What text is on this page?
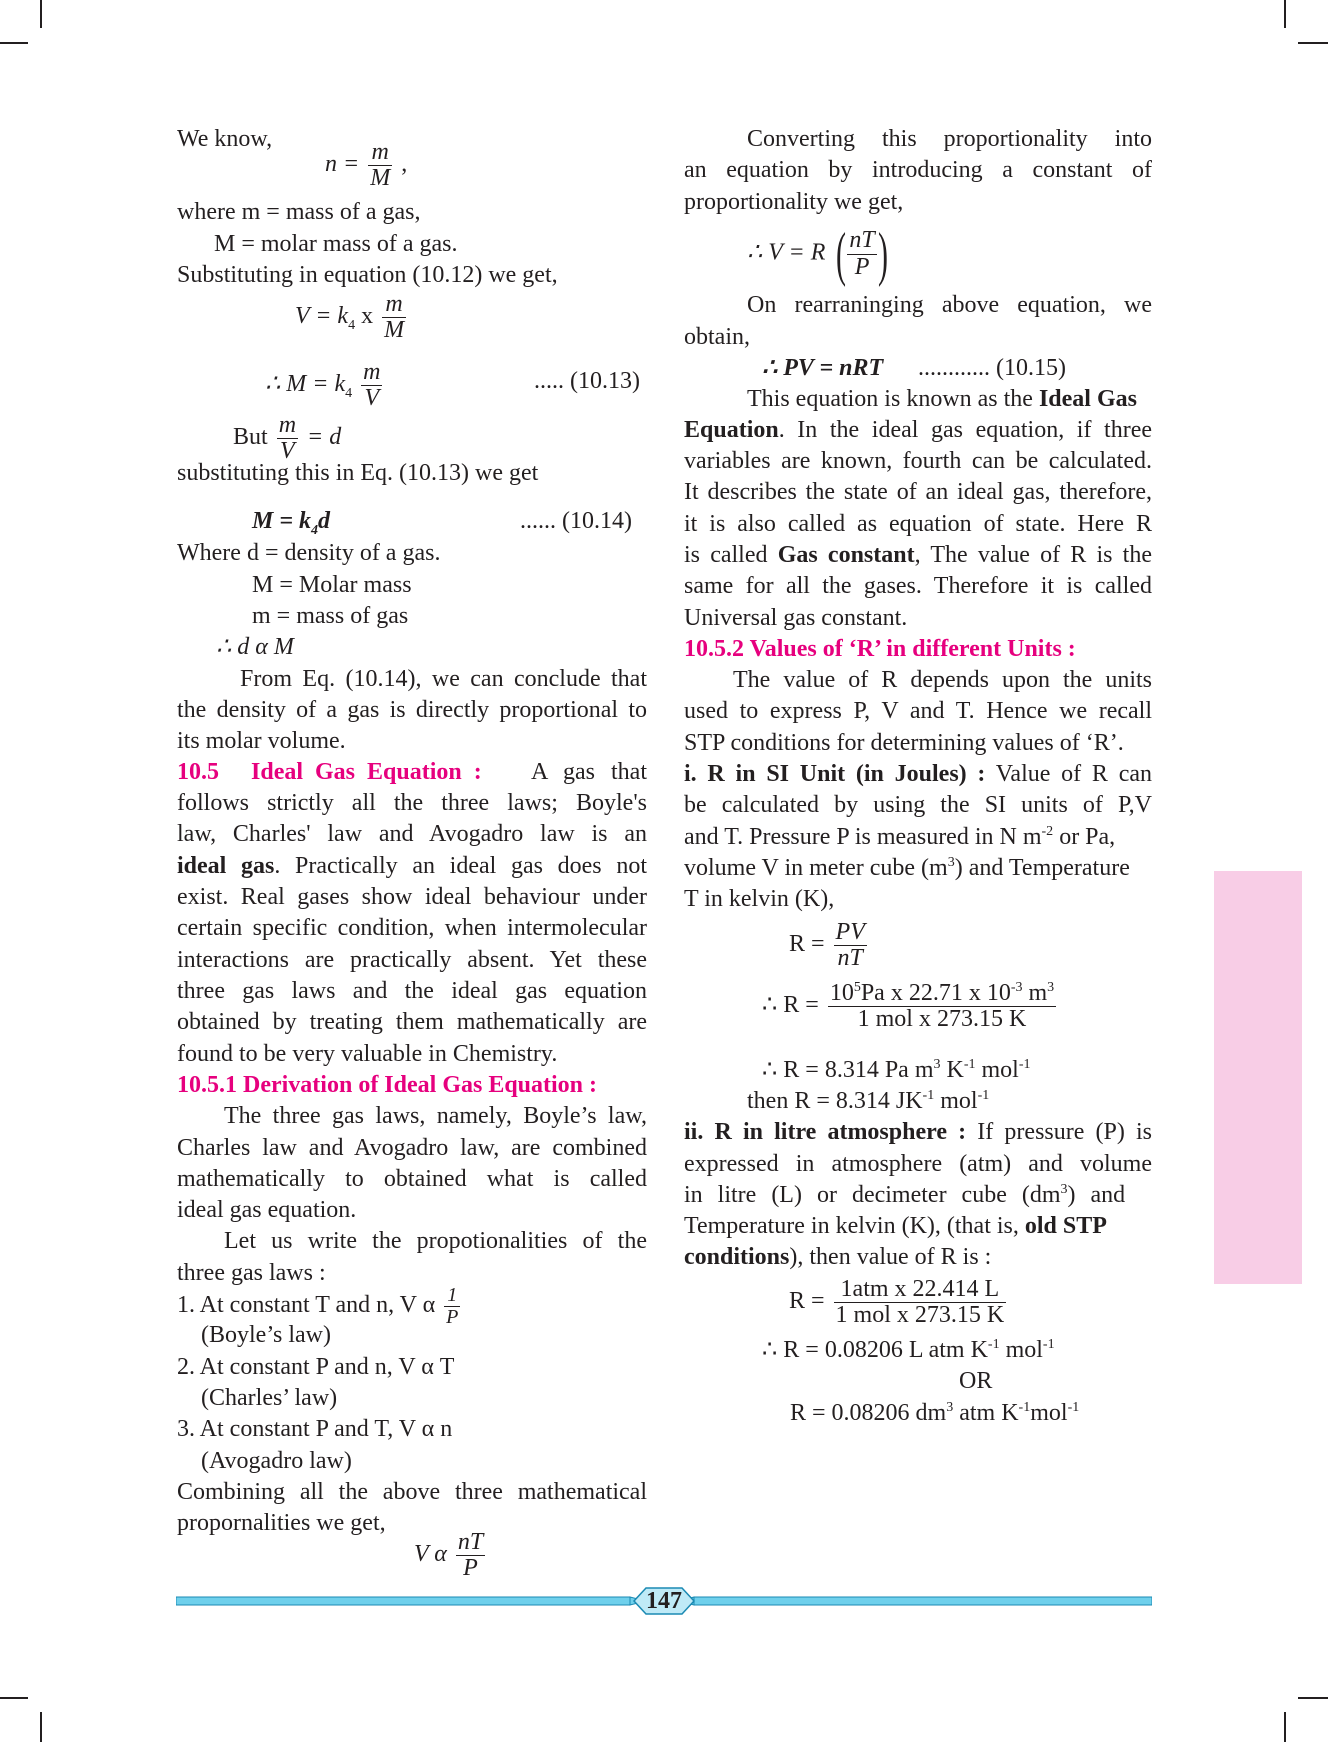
We know,
$n = \frac{m}{M}$ ,
where m = mass of a gas,
M = molar mass of a gas.
Substituting in equation (10.12) we get,
$V = k_4$ x $\frac{m}{M}$
∴ $M = k_4 \frac{m}{V}$	..... (10.13)
But $\frac{m}{V} = d$
substituting this in Eq. (10.13) we get
$M = k_4d$	...... (10.14)
Where d = density of a gas.
M = Molar mass
m = mass of gas
∴ d α M
From Eq. (10.14), we can conclude that
the density of a gas is directly proportional to
its molar volume.
10.5 Ideal Gas Equation : A gas that
follows strictly all the three laws; Boyle's
law, Charles' law and Avogadro law is an
ideal gas. Practically an ideal gas does not
exist. Real gases show ideal behaviour under
certain specific condition, when intermolecular
interactions are practically absent. Yet these
three gas laws and the ideal gas equation
obtained by treating them mathematically are
found to be very valuable in Chemistry.
10.5.1 Derivation of Ideal Gas Equation :
The three gas laws, namely, Boyle’s law,
Charles law and Avogadro law, are combined
mathematically to obtained what is called
ideal gas equation.
Let us write the propotionalities of the
three gas laws :
1. At constant T and n, V α $\frac{1}{P}$
(Boyle’s law)
2. At constant P and n, V α T
(Charles’ law)
3. At constant P and T, V α n
(Avogadro law)
Combining all the above three mathematical
propornalities we get,
V α $\frac{nT}{P}$
Converting this proportionality into
an equation by introducing a constant of
proportionality we get,
∴ V = R ( $\frac{nT}{P}$ )
On rearraninging above equation, we
obtain,
∴ PV = nRT ............ (10.15)
This equation is known as the Ideal Gas
Equation. In the ideal gas equation, if three
variables are known, fourth can be calculated.
It describes the state of an ideal gas, therefore,
it is also called as equation of state. Here R
is called Gas constant, The value of R is the
same for all the gases. Therefore it is called
Universal gas constant.
10.5.2 Values of ‘R’ in different Units :
The value of R depends upon the units
used to express P, V and T. Hence we recall
STP conditions for determining values of ‘R’.
i. R in SI Unit (in Joules) : Value of R can
be calculated by using the SI units of P,V
and T. Pressure P is measured in N $m^{-2}$ or Pa,
volume V in meter cube $(m^3)$ and Temperature
T in kelvin (K),
$R = \frac{PV}{nT}$
∴ $R = \frac{10^5Pa x 22.71 x 10^{-3} m^3}{\text{1 mol x 273.15 K}}$
∴ R = 8.314 Pa $m^3$ $K^{-1}$ mol$^{-1}$
then R = 8.314 $JK^{-1}$ mol$^{-1}$
ii. R in litre atmosphere : If pressure (P) is
expressed in atmosphere (atm) and volume
in litre (L) or decimeter cube $(dm^3)$ and
Temperature in kelvin (K), (that is, old STP
conditions), then value of R is :
$R = \frac{\text{1atm x 22.414 L}}{\text{1 mol x 273.15 K}}$
∴ R = 0.08206 L atm $K^{-1}$ mol$^{-1}$
OR
R = 0.08206 $dm^3$ atm $K^{-1}mol^{-1}$
147
